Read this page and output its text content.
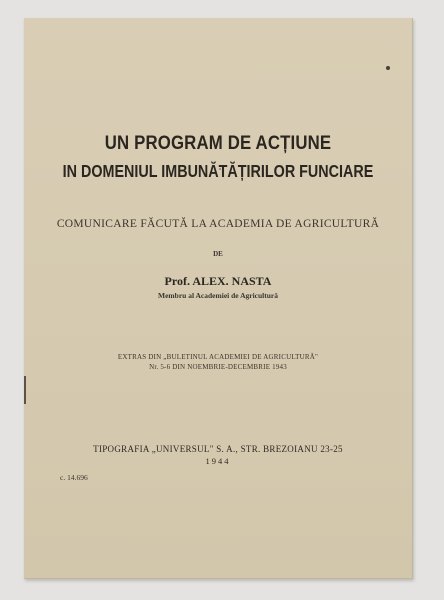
UN PROGRAM DE ACȚIUNE
IN DOMENIUL IMBUNĂTĂȚIRILOR FUNCIARE
COMUNICARE FĂCUTĂ LA ACADEMIA DE AGRICULTURĂ
DE
Prof. ALEX. NASTA
Membru al Academiei de Agricultură
EXTRAS DIN „BULETINUL ACADEMIEI DE AGRICULTURĂ"
Nr. 5-6 DIN NOEMBRIE-DECEMBRIE 1943
TIPOGRAFIA „UNIVERSUL" S. A., STR. BREZOIANU 23-25
1944
c. 14.696
